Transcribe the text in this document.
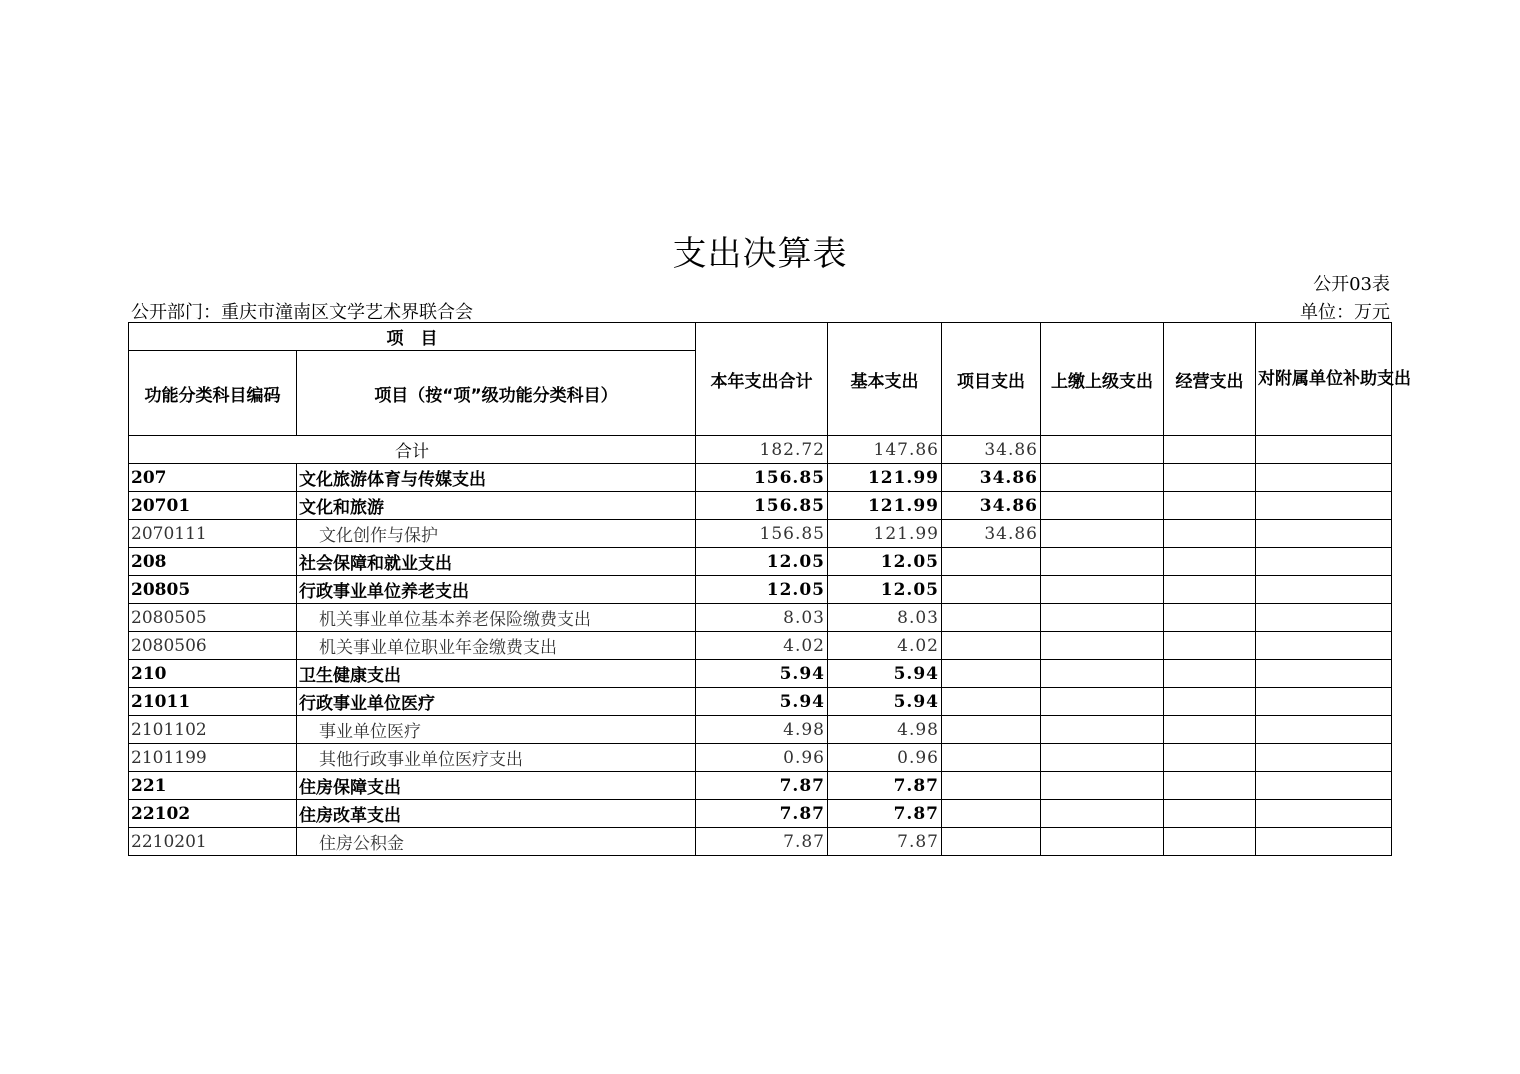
支出决算表
公开03表
公开部门：重庆市潼南区文学艺术界联合会	单位：万元
项　目		本年支出合计	基本支出	项目支出	上缴上级支出	经营支出	对附属单位补助支出
功能分类科目编码	项目（按“项”级功能分类科目）						
合计		182.72	147.86	34.86			
207	文化旅游体育与传媒支出	156.85	121.99	34.86			
20701	文化和旅游	156.85	121.99	34.86			
2070111	文化创作与保护	156.85	121.99	34.86			
208	社会保障和就业支出	12.05	12.05				
20805	行政事业单位养老支出	12.05	12.05				
2080505	机关事业单位基本养老保险缴费支出	8.03	8.03				
2080506	机关事业单位职业年金缴费支出	4.02	4.02				
210	卫生健康支出	5.94	5.94				
21011	行政事业单位医疗	5.94	5.94				
2101102	事业单位医疗	4.98	4.98				
2101199	其他行政事业单位医疗支出	0.96	0.96				
221	住房保障支出	7.87	7.87				
22102	住房改革支出	7.87	7.87				
2210201	住房公积金	7.87	7.87				
